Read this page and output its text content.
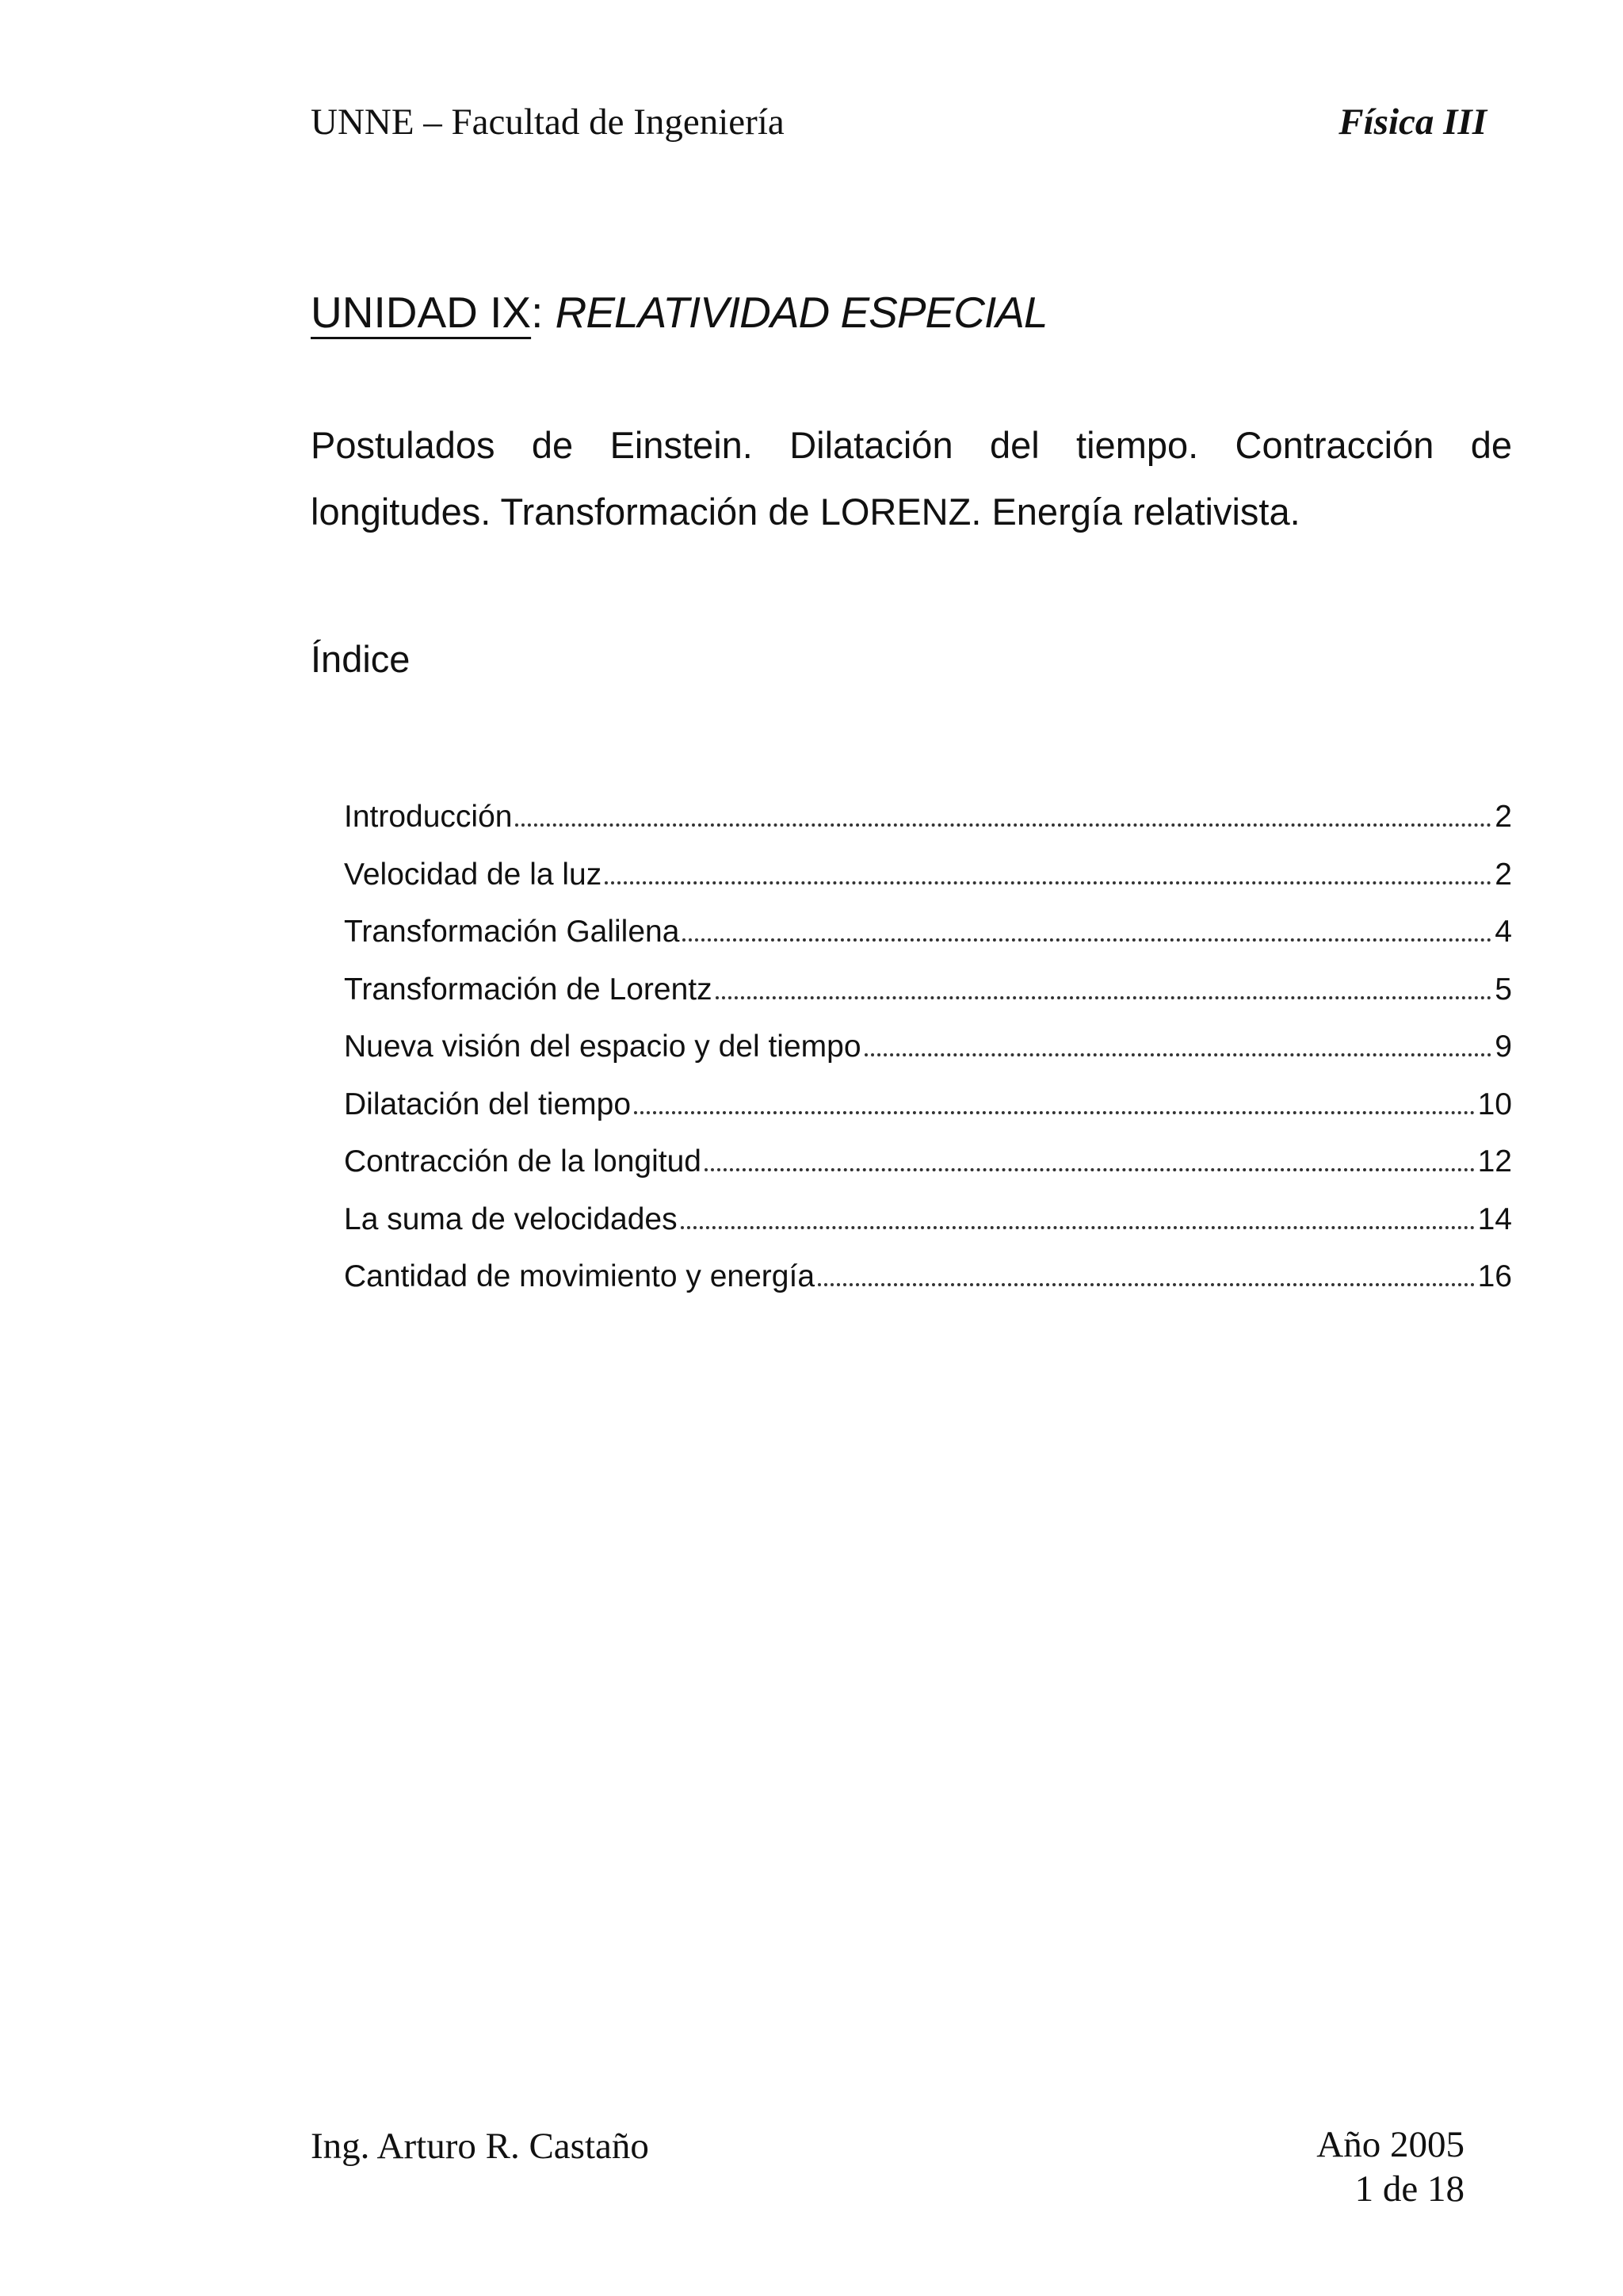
UNNE – Facultad de Ingeniería	Física III
UNIDAD IX: RELATIVIDAD ESPECIAL

Postulados de Einstein. Dilatación del tiempo. Contracción de longitudes. Transformación de LORENZ. Energía relativista.

Índice
Introducción	2
Velocidad de la luz	2
Transformación Galilena	4
Transformación de Lorentz	5
Nueva visión del espacio y del tiempo	9
Dilatación del tiempo	10
Contracción de la longitud	12
La suma de velocidades	14
Cantidad de movimiento y energía	16
Ing. Arturo R. Castaño	Año 2005
1 de 18
